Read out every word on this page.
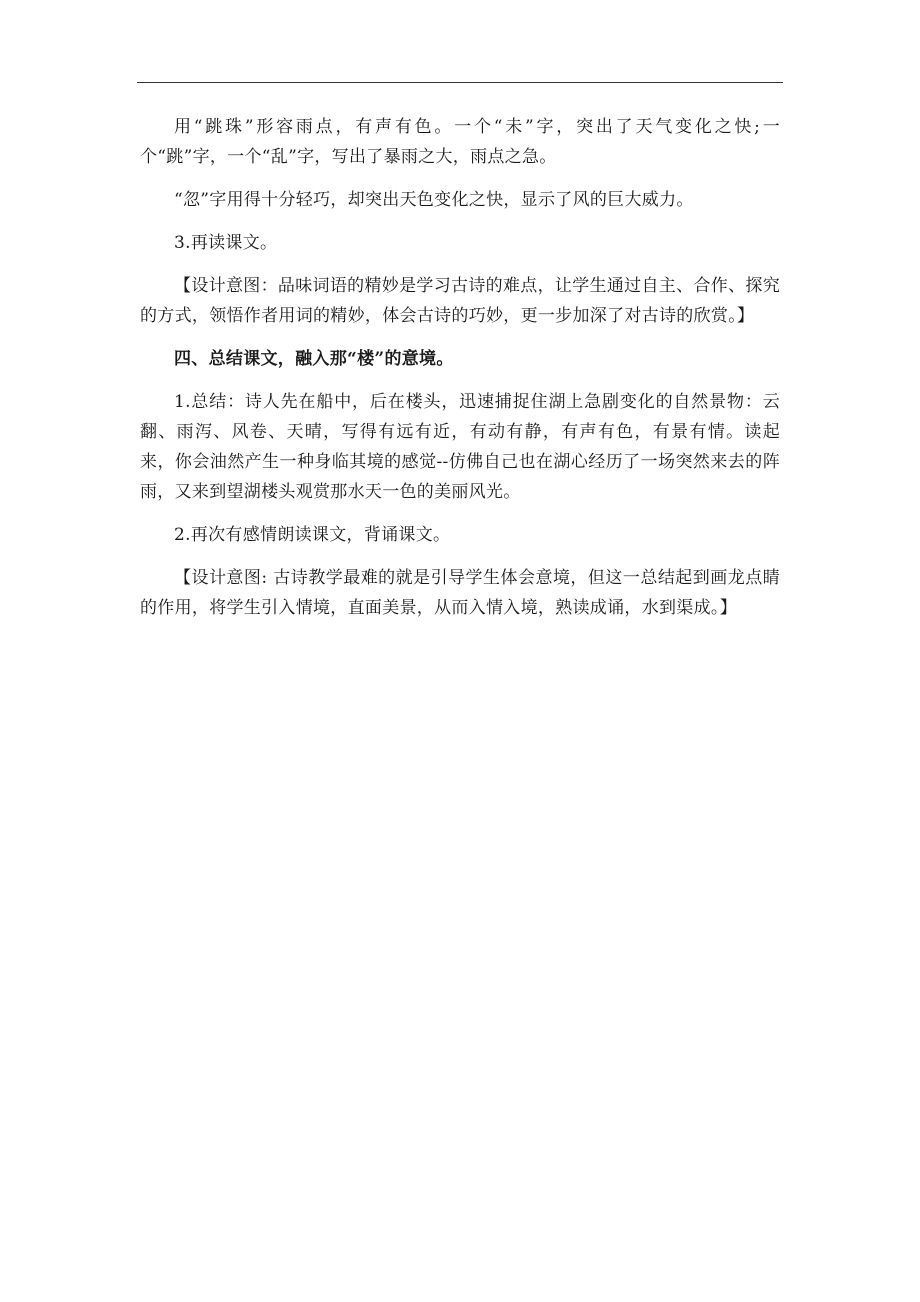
用“跳珠”形容雨点，有声有色。一个“未”字，突出了天气变化之快;一个“跳”字，一个“乱”字，写出了暴雨之大，雨点之急。

“忽”字用得十分轻巧，却突出天色变化之快，显示了风的巨大威力。

3.再读课文。

【设计意图：品味词语的精妙是学习古诗的难点，让学生通过自主、合作、探究的方式，领悟作者用词的精妙，体会古诗的巧妙，更一步加深了对古诗的欣赏。】

四、总结课文，融入那“楼”的意境。

1.总结：诗人先在船中，后在楼头，迅速捕捉住湖上急剧变化的自然景物：云翻、雨泻、风卷、天晴，写得有远有近，有动有静，有声有色，有景有情。读起来，你会油然产生一种身临其境的感觉--仿佛自己也在湖心经历了一场突然来去的阵雨，又来到望湖楼头观赏那水天一色的美丽风光。

2.再次有感情朗读课文，背诵课文。

【设计意图: 古诗教学最难的就是引导学生体会意境，但这一总结起到画龙点睛的作用，将学生引入情境，直面美景，从而入情入境，熟读成诵，水到渠成。】
